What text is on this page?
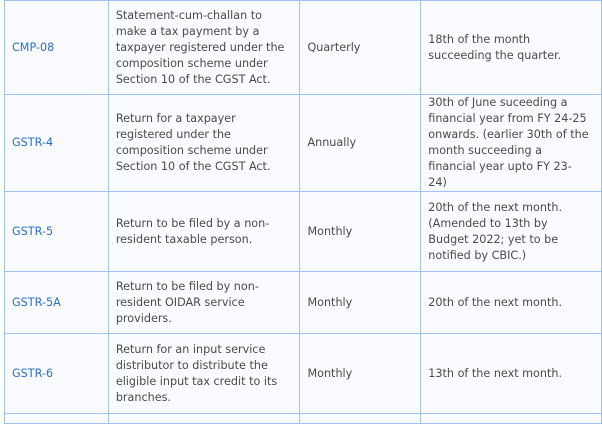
CMP-08	Statement-cum-challan to make a tax payment by a taxpayer registered under the composition scheme under Section 10 of the CGST Act.	Quarterly	18th of the month succeeding the quarter.
GSTR-4	Return for a taxpayer registered under the composition scheme under Section 10 of the CGST Act.	Annually	30th of June suceeding a financial year from FY 24-25 onwards. (earlier 30th of the month succeeding a financial year upto FY 23-24)
GSTR-5	Return to be filed by a non-resident taxable person.	Monthly	20th of the next month. (Amended to 13th by Budget 2022; yet to be notified by CBIC.)
GSTR-5A	Return to be filed by non-resident OIDAR service providers.	Monthly	20th of the next month.
GSTR-6	Return for an input service distributor to distribute the eligible input tax credit to its branches.	Monthly	13th of the next month.
